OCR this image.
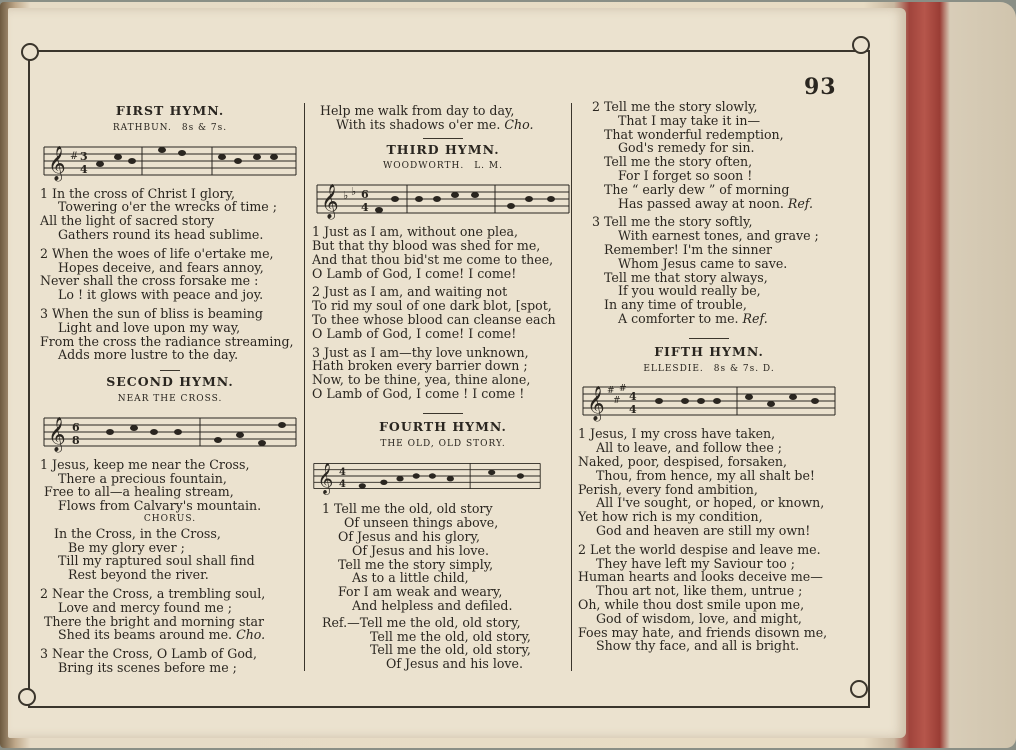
93
FIRST HYMN.
RATHBUN. 8s & 7s.
𝄞 # 3
4
1 In the cross of Christ I glory,
Towering o'er the wrecks of time ;
All the light of sacred story
Gathers round its head sublime.
2 When the woes of life o'ertake me,
Hopes deceive, and fears annoy,
Never shall the cross forsake me :
Lo ! it glows with peace and joy.
3 When the sun of bliss is beaming
Light and love upon my way,
From the cross the radiance streaming,
Adds more lustre to the day.
SECOND HYMN.
NEAR THE CROSS.
𝄞 6
8
1 Jesus, keep me near the Cross,
There a precious fountain,
Free to all—a healing stream,
Flows from Calvary's mountain.
CHORUS.
In the Cross, in the Cross,
Be my glory ever ;
Till my raptured soul shall find
Rest beyond the river.
2 Near the Cross, a trembling soul,
Love and mercy found me ;
There the bright and morning star
Shed its beams around me. Cho.
3 Near the Cross, O Lamb of God,
Bring its scenes before me ;
Help me walk from day to day,
With its shadows o'er me. Cho.
THIRD HYMN.
WOODWORTH. L. M.
𝄞 ♭ ♭ 6
4
1 Just as I am, without one plea,
But that thy blood was shed for me,
And that thou bid'st me come to thee,
O Lamb of God, I come! I come!
2 Just as I am, and waiting not
To rid my soul of one dark blot, [spot,
To thee whose blood can cleanse each
O Lamb of God, I come! I come!
3 Just as I am—thy love unknown,
Hath broken every barrier down ;
Now, to be thine, yea, thine alone,
O Lamb of God, I come ! I come !
FOURTH HYMN.
THE OLD, OLD STORY.
𝄞 4
4
1 Tell me the old, old story
Of unseen things above,
Of Jesus and his glory,
Of Jesus and his love.
Tell me the story simply,
As to a little child,
For I am weak and weary,
And helpless and defiled.
Ref.—Tell me the old, old story,
Tell me the old, old story,
Tell me the old, old story,
Of Jesus and his love.
2 Tell me the story slowly,
That I may take it in—
That wonderful redemption,
God's remedy for sin.
Tell me the story often,
For I forget so soon !
The “ early dew ” of morning
Has passed away at noon. Ref.
3 Tell me the story softly,
With earnest tones, and grave ;
Remember! I'm the sinner
Whom Jesus came to save.
Tell me that story always,
If you would really be,
In any time of trouble,
A comforter to me. Ref.
FIFTH HYMN.
ELLESDIE. 8s & 7s. D.
𝄞 #
#
#
4
4
1 Jesus, I my cross have taken,
All to leave, and follow thee ;
Naked, poor, despised, forsaken,
Thou, from hence, my all shalt be!
Perish, every fond ambition,
All I've sought, or hoped, or known,
Yet how rich is my condition,
God and heaven are still my own!
2 Let the world despise and leave me.
They have left my Saviour too ;
Human hearts and looks deceive me—
Thou art not, like them, untrue ;
Oh, while thou dost smile upon me,
God of wisdom, love, and might,
Foes may hate, and friends disown me,
Show thy face, and all is bright.
